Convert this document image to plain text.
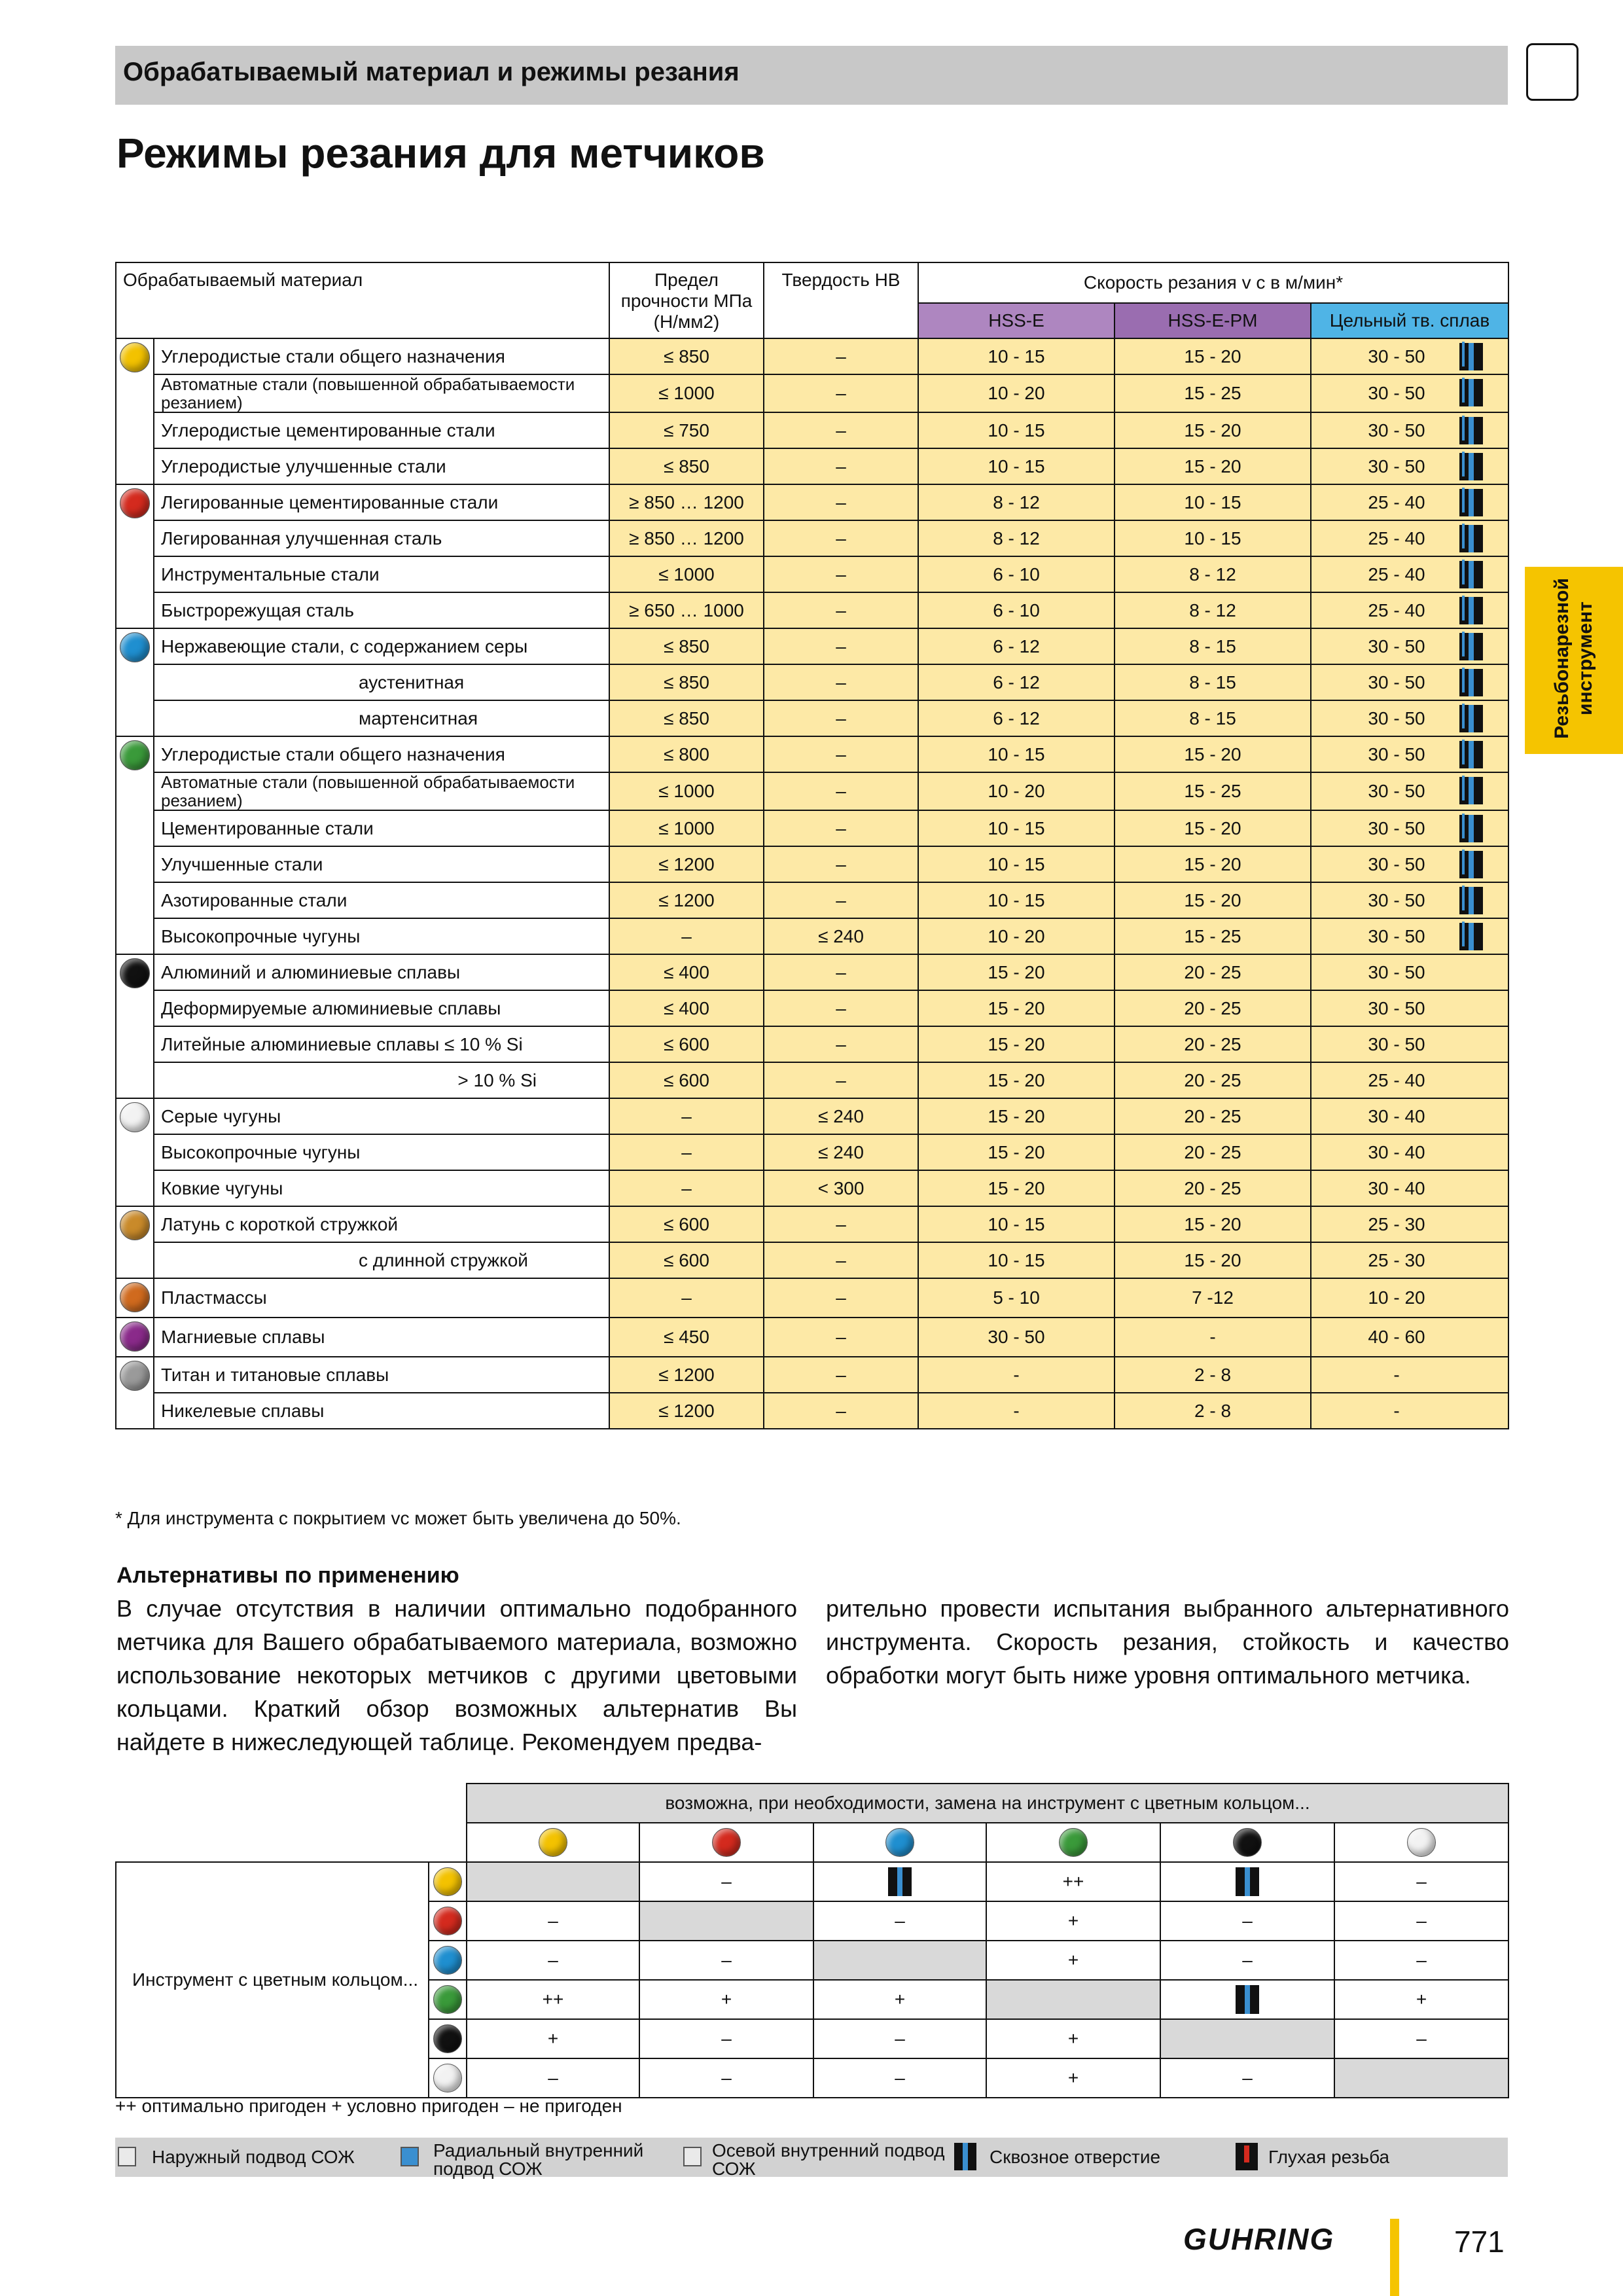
Обрабатываемый материал и режимы резания
Режимы резания для метчиков
Резьбонарезной инструмент
Обрабатываемый материал		Предел прочности МПа (Н/мм2)	Твердость НВ	Скорость резания v c в м/мин*		
				HSS-E	HSS-E-PM	Цельный тв. сплав
	Углеродистые стали общего назначения	≤ 850	–	10 - 15	15 - 20	30 - 50

	Автоматные стали (повышенной обрабатываемости резанием)	≤ 1000	–	10 - 20	15 - 25	30 - 50

	Углеродистые цементированные стали	≤ 750	–	10 - 15	15 - 20	30 - 50

	Углеродистые улучшенные стали	≤ 850	–	10 - 15	15 - 20	30 - 50

	Легированные цементированные стали	≥ 850 … 1200	–	8 - 12	10 - 15	25 - 40

	Легированная улучшенная сталь	≥ 850 … 1200	–	8 - 12	10 - 15	25 - 40

	Инструментальные стали	≤ 1000	–	6 - 10	8 - 12	25 - 40

	Быстрорежущая сталь	≥ 650 … 1000	–	6 - 10	8 - 12	25 - 40

	Нержавеющие стали, с содержанием серы	≤ 850	–	6 - 12	8 - 15	30 - 50

	аустенитная	≤ 850	–	6 - 12	8 - 15	30 - 50

	мартенситная	≤ 850	–	6 - 12	8 - 15	30 - 50

	Углеродистые стали общего назначения	≤ 800	–	10 - 15	15 - 20	30 - 50

	Автоматные стали (повышенной обрабатываемости резанием)	≤ 1000	–	10 - 20	15 - 25	30 - 50

	Цементированные стали	≤ 1000	–	10 - 15	15 - 20	30 - 50

	Улучшенные стали	≤ 1200	–	10 - 15	15 - 20	30 - 50

	Азотированные стали	≤ 1200	–	10 - 15	15 - 20	30 - 50

	Высокопрочные чугуны	–	≤ 240	10 - 20	15 - 25	30 - 50

	Алюминий и алюминиевые сплавы	≤ 400	–	15 - 20	20 - 25	30 - 50
	Деформируемые алюминиевые сплавы	≤ 400	–	15 - 20	20 - 25	30 - 50
	Литейные алюминиевые сплавы ≤ 10 % Si	≤ 600	–	15 - 20	20 - 25	30 - 50
	> 10 % Si	≤ 600	–	15 - 20	20 - 25	25 - 40
	Серые чугуны	–	≤ 240	15 - 20	20 - 25	30 - 40
	Высокопрочные чугуны	–	≤ 240	15 - 20	20 - 25	30 - 40
	Ковкие чугуны	–	< 300	15 - 20	20 - 25	30 - 40
	Латунь с короткой стружкой	≤ 600	–	10 - 15	15 - 20	25 - 30
	с длинной стружкой	≤ 600	–	10 - 15	15 - 20	25 - 30
	Пластмассы	–	–	5 - 10	7 -12	10 - 20
	Магниевые сплавы	≤ 450	–	30 - 50	-	40 - 60
	Титан и титановые сплавы	≤ 1200	–	-	2 - 8	-
	Никелевые сплавы	≤ 1200	–	-	2 - 8	-
* Для инструмента с покрытием vc может быть увеличена до 50%.
Альтернативы по применению
В случае отсутствия в наличии оптимально подобранного метчика для Вашего обрабатываемого материала, возможно использование некоторых метчиков с другими цветовыми кольцами. Краткий обзор возможных альтернатив Вы найдете в нижеследующей таблице. Рекомендуем предва-
рительно провести испытания выбранного альтернативного инструмента. Скорость резания, стойкость и качество обработки могут быть ниже уровня оптимального метчика.
		возможна, при необходимости, замена на инструмент с цветным кольцом...					

Инструмент с цветным кольцом...			–		++		–
		–		–	+	–	–
		–	–		+	–	–
		++	+	+			+
		+	–	–	+		–
		–	–	–	+	–	
++ оптимально пригоден + условно пригоден – не пригоден
Наружный подвод СОЖ	Радиальный внутренний подвод СОЖ
Осевой внутренний подвод СОЖ
Сквозное отверстие	Глухая резьба
GUHRING	771
